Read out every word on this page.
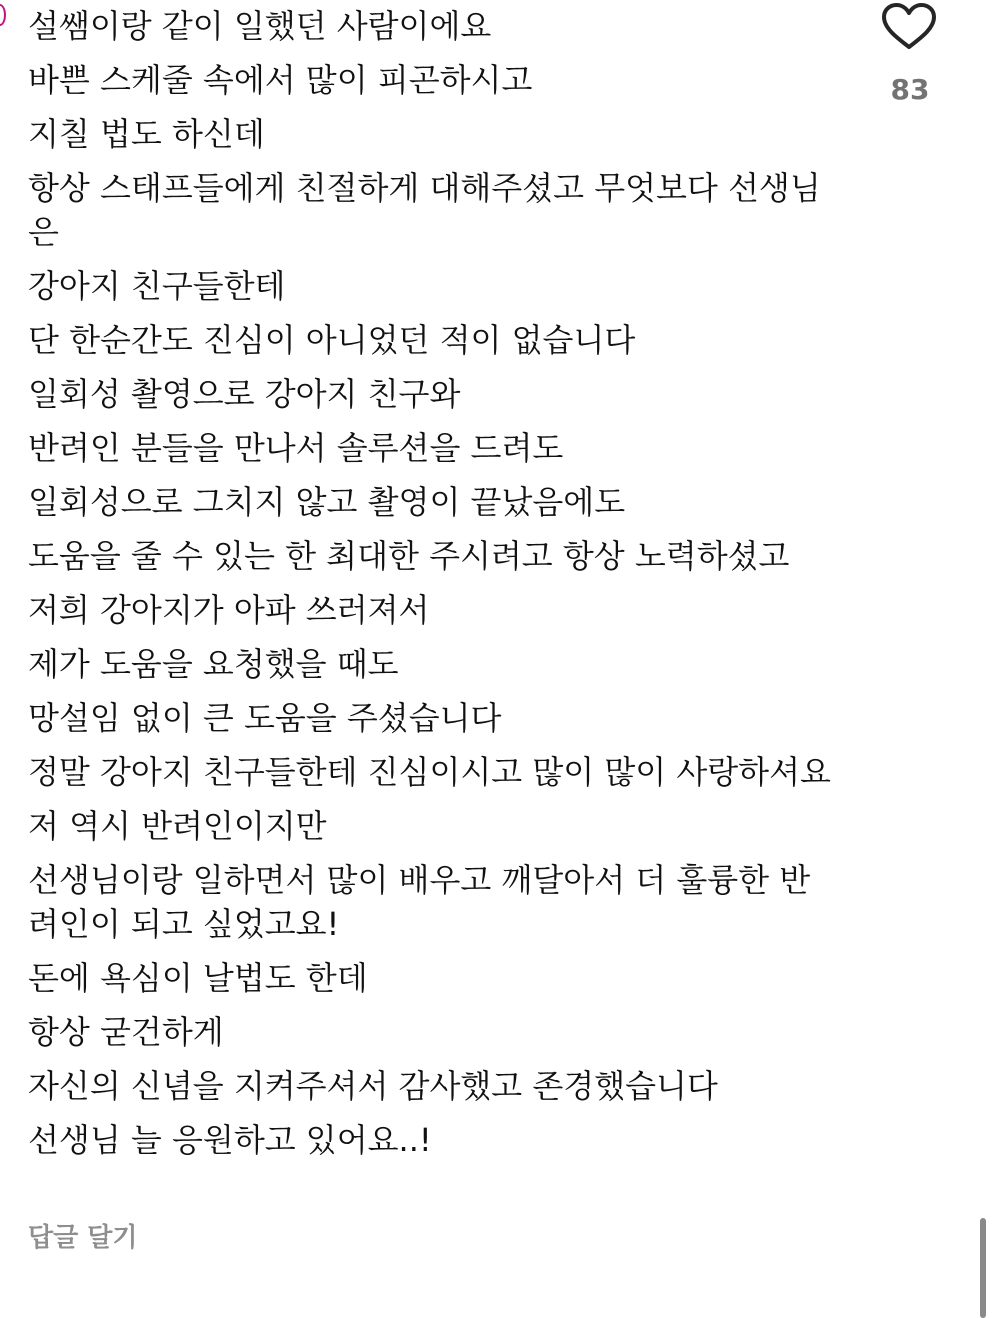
설쌤이랑 같이 일했던 사람이에요

바쁜 스케줄 속에서 많이 피곤하시고

지칠 법도 하신데

항상 스태프들에게 친절하게 대해주셨고 무엇보다 선생님은

강아지 친구들한테

단 한순간도 진심이 아니었던 적이 없습니다

일회성 촬영으로 강아지 친구와

반려인 분들을 만나서 솔루션을 드려도

일회성으로 그치지 않고 촬영이 끝났음에도

도움을 줄 수 있는 한 최대한 주시려고 항상 노력하셨고

저희 강아지가 아파 쓰러져서

제가 도움을 요청했을 때도

망설임 없이 큰 도움을 주셨습니다

정말 강아지 친구들한테 진심이시고 많이 많이 사랑하셔요

저 역시 반려인이지만

선생님이랑 일하면서 많이 배우고 깨달아서 더 훌륭한 반려인이 되고 싶었고요!

돈에 욕심이 날법도 한데

항상 굳건하게

자신의 신념을 지켜주셔서 감사했고 존경했습니다

선생님 늘 응원하고 있어요..!

83
답글 달기
